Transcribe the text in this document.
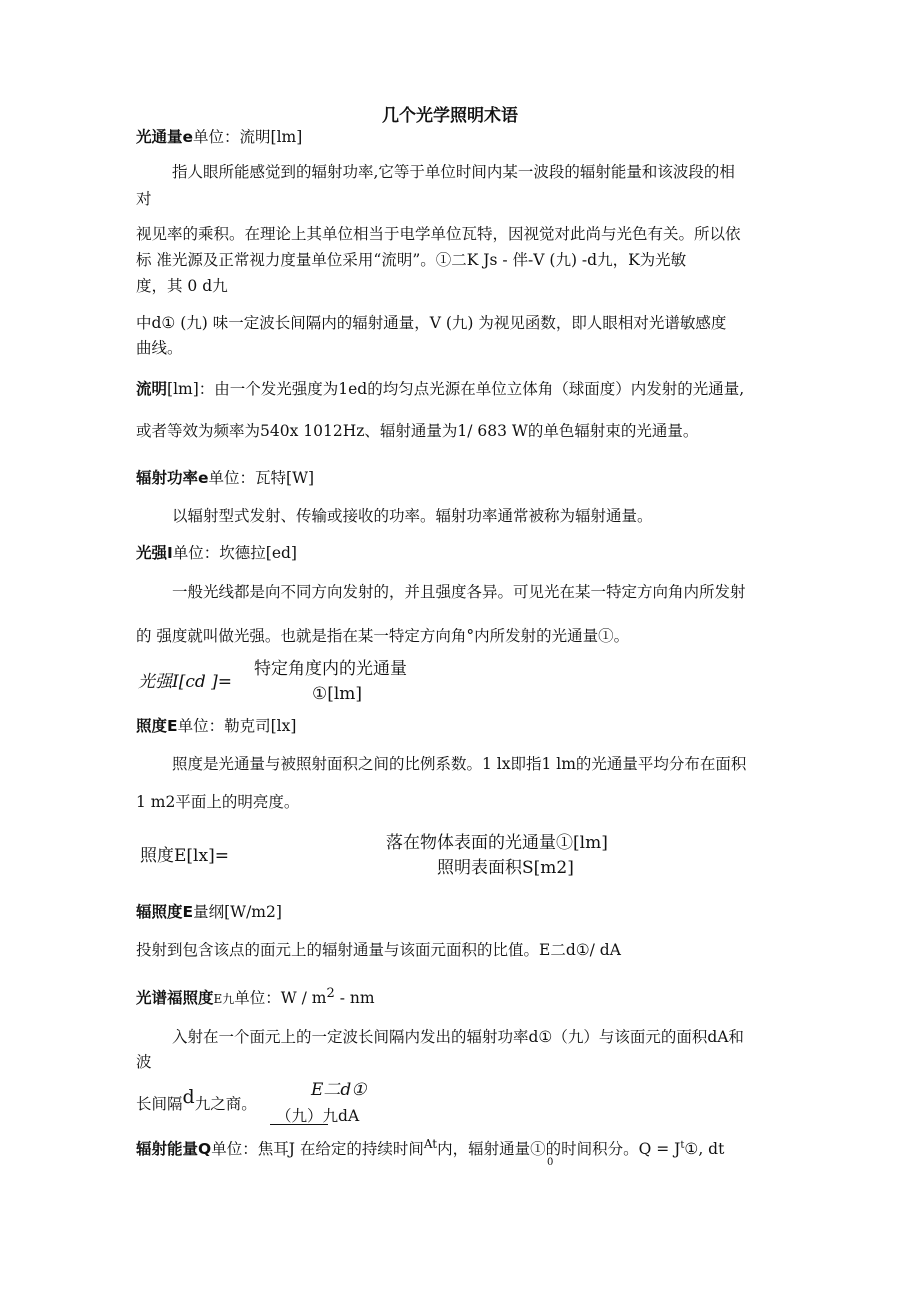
几个光学照明术语
光通量e单位：流明[lm]
指人眼所能感觉到的辐射功率,它等于单位时间内某一波段的辐射能量和该波段的相
对
视见率的乘积。在理论上其单位相当于电学单位瓦特，因视觉对此尚与光色有关。所以依
标 准光源及正常视力度量单位采用“流明”。①二K Js - 伴-V (九) -d九，K为光敏
度，其 0 d九
中d① (九) 味一定波长间隔内的辐射通量，V (九) 为视见函数，即人眼相对光谱敏感度
曲线。
流明[lm]：由一个发光强度为1ed的均匀点光源在单位立体角（球面度）内发射的光通量,
或者等效为频率为540x 1012Hz、辐射通量为1/ 683 W的单色辐射束的光通量。
辐射功率e单位：瓦特[W]
以辐射型式发射、传输或接收的功率。辐射功率通常被称为辐射通量。
光强I单位：坎德拉[ed]
一般光线都是向不同方向发射的，并且强度各异。可见光在某一特定方向角内所发射
的 强度就叫做光强。也就是指在某一特定方向角°内所发射的光通量①。
光强I[cd ]=
特定角度内的光通量
①[lm]
照度E单位：勒克司[lx]
照度是光通量与被照射面积之间的比例系数。1 lx即指1 lm的光通量平均分布在面积
1 m2平面上的明亮度。
照度E[lx]=
落在物体表面的光通量①[lm]
照明表面积S[m2]
辐照度E量纲[W/m2]
投射到包含该点的面元上的辐射通量与该面元面积的比值。E二d①/ dA
光谱福照度E九单位：W / $m^2$ - nm
入射在一个面元上的一定波长间隔内发出的辐射功率d①（九）与该面元的面积dA和
波
长间隔d九之商。
E二d①
（九）九dA
辐射能量Q单位：焦耳J 在给定的持续时间$^{At}$内，辐射通量①的时间积分。$Q = J^t①$, dt
0
